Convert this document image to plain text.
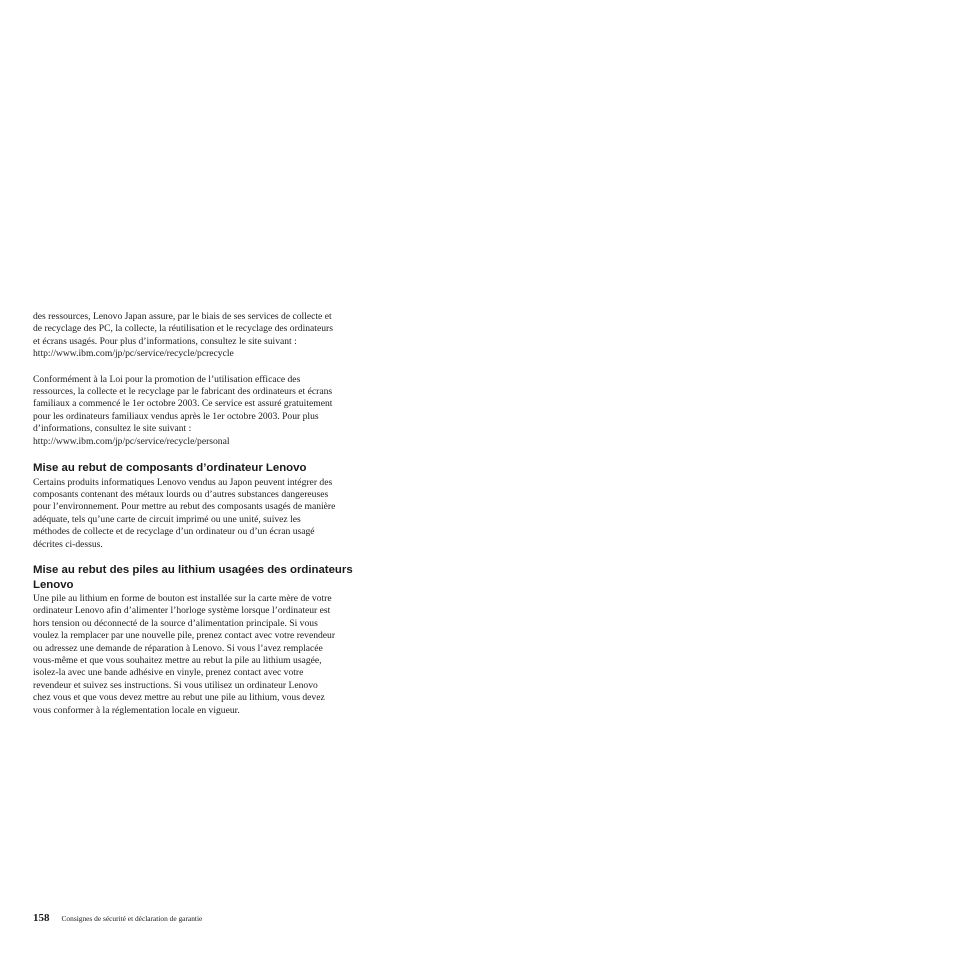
des ressources, Lenovo Japan assure, par le biais de ses services de collecte et
de recyclage des PC, la collecte, la réutilisation et le recyclage des ordinateurs
et écrans usagés. Pour plus d’informations, consultez le site suivant :
http://www.ibm.com/jp/pc/service/recycle/pcrecycle

Conformément à la Loi pour la promotion de l’utilisation efficace des
ressources, la collecte et le recyclage par le fabricant des ordinateurs et écrans
familiaux a commencé le 1er octobre 2003. Ce service est assuré gratuitement
pour les ordinateurs familiaux vendus après le 1er octobre 2003. Pour plus
d’informations, consultez le site suivant :
http://www.ibm.com/jp/pc/service/recycle/personal

Mise au rebut de composants d’ordinateur Lenovo

Certains produits informatiques Lenovo vendus au Japon peuvent intégrer des
composants contenant des métaux lourds ou d’autres substances dangereuses
pour l’environnement. Pour mettre au rebut des composants usagés de manière
adéquate, tels qu’une carte de circuit imprimé ou une unité, suivez les
méthodes de collecte et de recyclage d’un ordinateur ou d’un écran usagé
décrites ci-dessus.

Mise au rebut des piles au lithium usagées des ordinateurs
Lenovo

Une pile au lithium en forme de bouton est installée sur la carte mère de votre
ordinateur Lenovo afin d’alimenter l’horloge système lorsque l’ordinateur est
hors tension ou déconnecté de la source d’alimentation principale. Si vous
voulez la remplacer par une nouvelle pile, prenez contact avec votre revendeur
ou adressez une demande de réparation à Lenovo. Si vous l’avez remplacée
vous-même et que vous souhaitez mettre au rebut la pile au lithium usagée,
isolez-la avec une bande adhésive en vinyle, prenez contact avec votre
revendeur et suivez ses instructions. Si vous utilisez un ordinateur Lenovo
chez vous et que vous devez mettre au rebut une pile au lithium, vous devez
vous conformer à la réglementation locale en vigueur.

158 Consignes de sécurité et déclaration de garantie
